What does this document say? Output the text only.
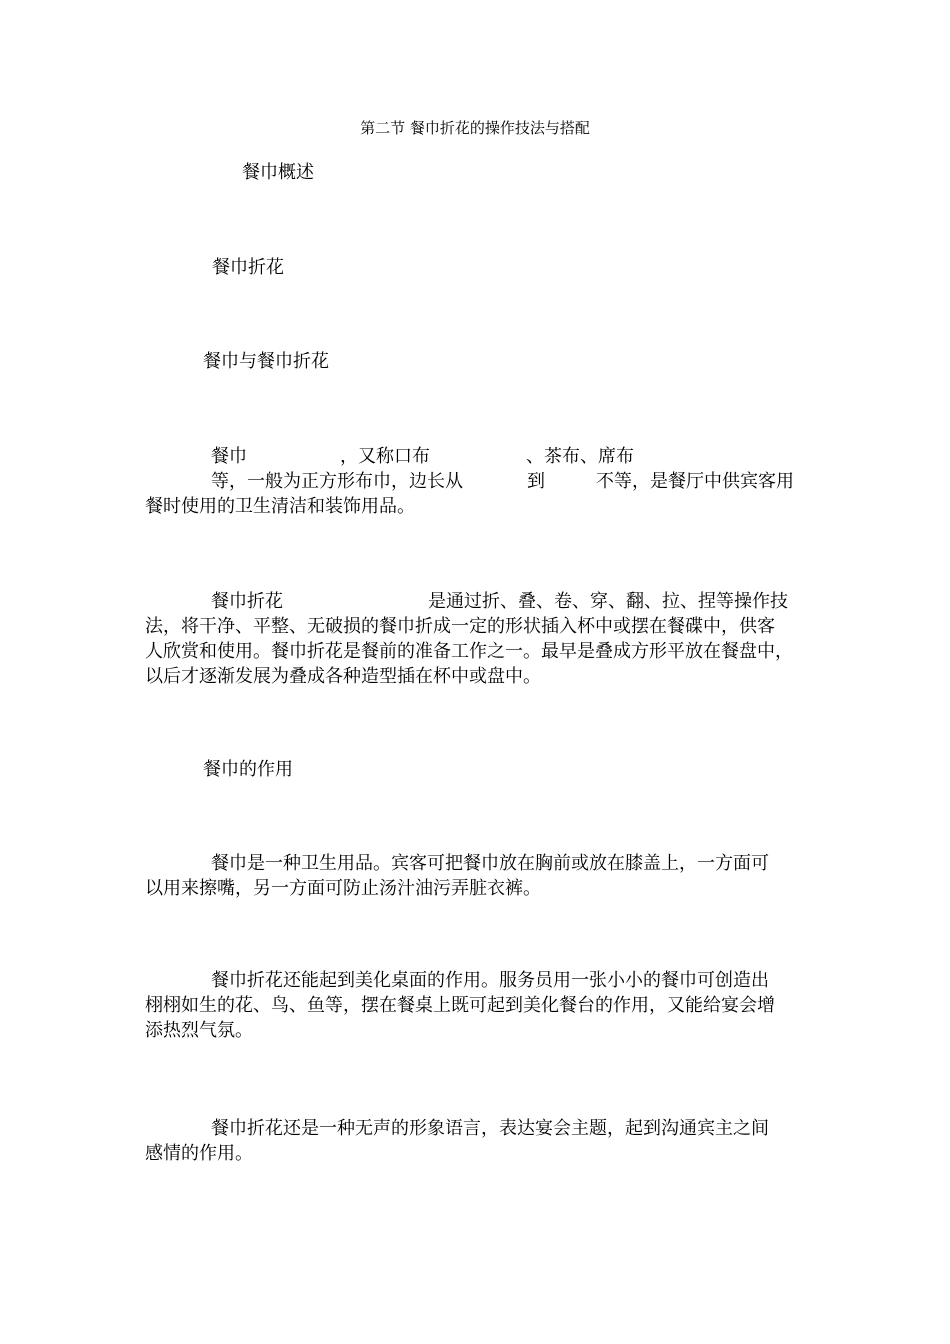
第二节 餐巾折花的操作技法与搭配
餐巾概述
餐巾折花
餐巾与餐巾折花
餐巾	，又称口布	、茶布、席布
等，一般为正方形布巾，边长从	到	不等，是餐厅中供宾客用
餐时使用的卫生清洁和装饰用品。
餐巾折花	是通过折、叠、卷、穿、翻、拉、捏等操作技
法，将干净、平整、无破损的餐巾折成一定的形状插入杯中或摆在餐碟中，供客
人欣赏和使用。餐巾折花是餐前的准备工作之一。最早是叠成方形平放在餐盘中，
以后才逐渐发展为叠成各种造型插在杯中或盘中。
餐巾的作用
餐巾是一种卫生用品。宾客可把餐巾放在胸前或放在膝盖上，一方面可
以用来擦嘴，另一方面可防止汤汁油污弄脏衣裤。
餐巾折花还能起到美化桌面的作用。服务员用一张小小的餐巾可创造出
栩栩如生的花、鸟、鱼等，摆在餐桌上既可起到美化餐台的作用，又能给宴会增
添热烈气氛。
餐巾折花还是一种无声的形象语言，表达宴会主题，起到沟通宾主之间
感情的作用。
